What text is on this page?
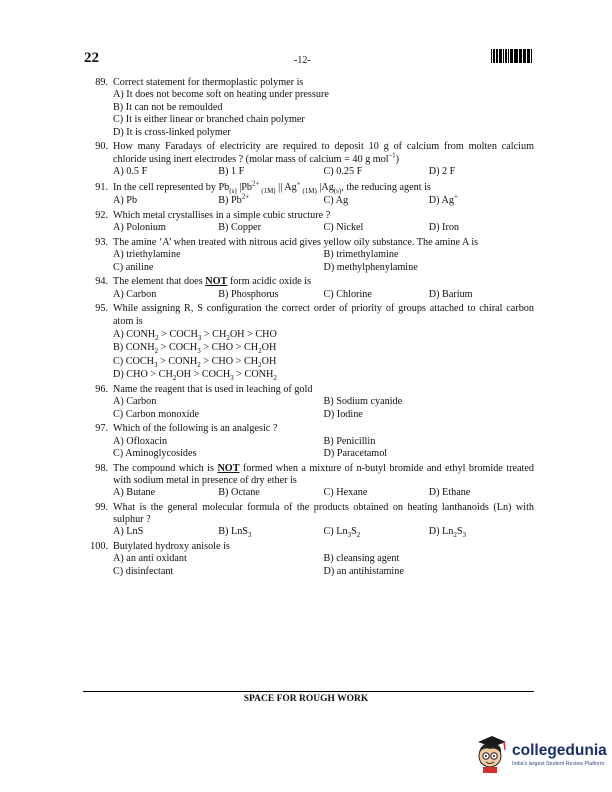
22	-12-
89. Correct statement for thermoplastic polymer is
A) It does not become soft on heating under pressure
B) It can not be remoulded
C) It is either linear or branched chain polymer
D) It is cross-linked polymer
90. How many Faradays of electricity are required to deposit 10 g of calcium from molten calcium chloride using inert electrodes ? (molar mass of calcium = 40 g mol$^{-1}$)
A) 0.5 F	B) 1 F	C) 0.25 F	D) 2 F
91. In the cell represented by $Pb_{(s)}$ $|Pb^{2+}$ $_{(1M)}$ || Ag+ $_{(1M)}$ $|Ag_{(s)}$, the reducing agent is
A) Pb	B) $Pb^{2+}$	C) Ag	D) Ag+
92. Which metal crystallises in a simple cubic structure ?
A) Polonium	B) Copper	C) Nickel	D) Iron
93. The amine ‘A’ when treated with nitrous acid gives yellow oily substance. The amine A is
A) triethylamine	B) trimethylamine
C) aniline	D) methylphenylamine
94. The element that does NOT form acidic oxide is
A) Carbon	B) Phosphorus	C) Chlorine	D) Barium
95. While assigning R, S configuration the correct order of priority of groups attached to chiral carbon atom is
A) $CONH_2$ > $COCH_3 > CH_2OH$ > CHO
B) $CONH_2$ > $COCH_3$ > CHO > $CH_2OH$
C) $COCH_3$ > $CONH_2$ > CHO > $CH_2OH$
D) CHO > $CH_2OH$ > $COCH_3$ > $CONH_2$
96. Name the reagent that is used in leaching of gold
A) Carbon	B) Sodium cyanide
C) Carbon monoxide	D) Iodine
97. Which of the following is an analgesic ?
A) Ofloxacin	B) Penicillin
C) Aminoglycosides	D) Paracetamol
98. The compound which is NOT formed when a mixture of n-butyl bromide and ethyl bromide treated with sodium metal in presence of dry ether is
A) Butane	B) Octane	C) Hexane	D) Ethane
99. What is the general molecular formula of the products obtained on heating lanthanoids (Ln) with sulphur ?
A) LnS	B) LnS$_3$	C) $Ln_3S_2$	D) $Ln_2S_3$
100. Butylated hydroxy anisole is
A) an anti oxidant	B) cleansing agent
C) disinfectant	D) an antihistamine
SPACE FOR ROUGH WORK
collegedunia
India's largest Student Review Platform
